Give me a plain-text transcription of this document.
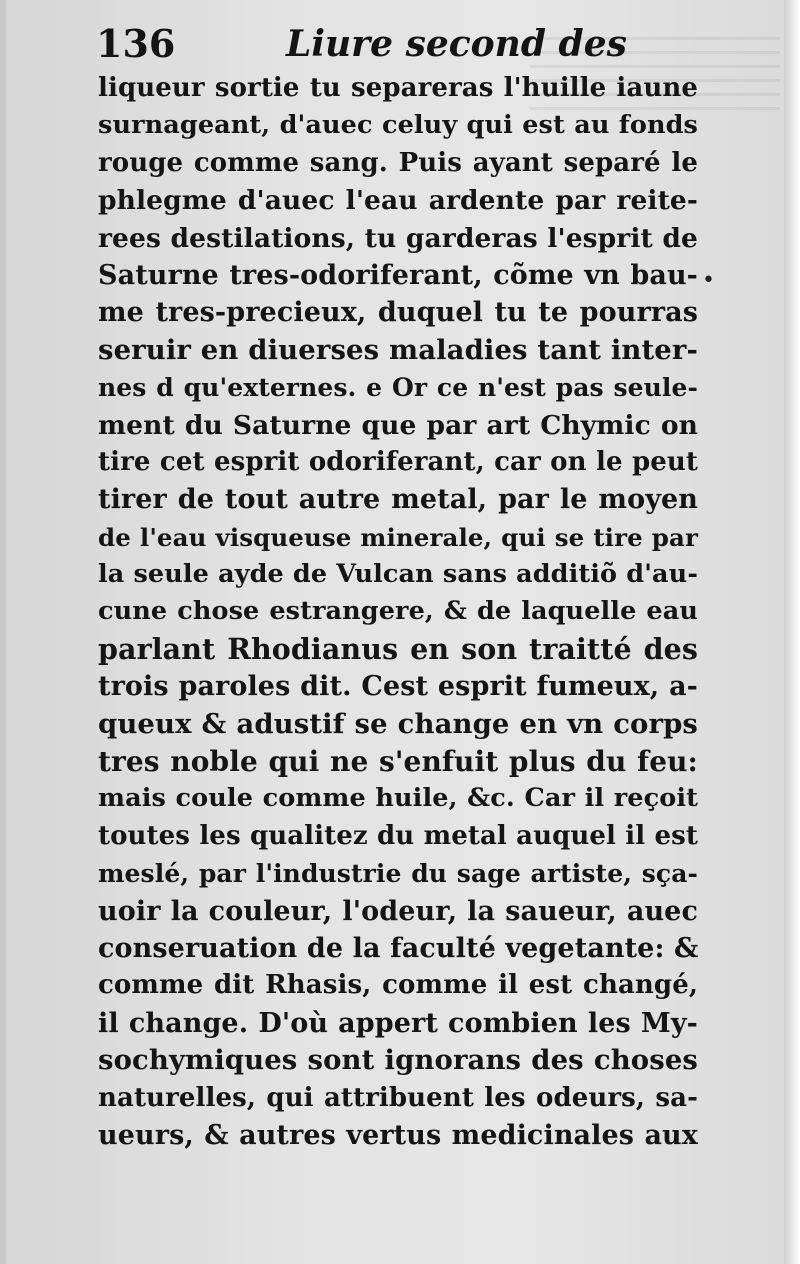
136	Liure second des
liqueur sortie tu separeras l'huille iaune
surnageant, d'auec celuy qui est au fonds
rouge comme sang. Puis ayant separé le
phlegme d'auec l'eau ardente par reite-
rees destilations, tu garderas l'esprit de
Saturne tres-odoriferant, cõme vn bau-
me tres-precieux, duquel tu te pourras
seruir en diuerses maladies tant inter-
nes d qu'externes. e Or ce n'est pas seule-
ment du Saturne que par art Chymic on
tire cet esprit odoriferant, car on le peut
tirer de tout autre metal, par le moyen
de l'eau visqueuse minerale, qui se tire par
la seule ayde de Vulcan sans additiõ d'au-
cune chose estrangere, & de laquelle eau
parlant Rhodianus en son traitté des
trois paroles dit. Cest esprit fumeux, a-
queux & adustif se change en vn corps
tres noble qui ne s'enfuit plus du feu:
mais coule comme huile, &c. Car il reçoit
toutes les qualitez du metal auquel il est
meslé, par l'industrie du sage artiste, sça-
uoir la couleur, l'odeur, la saueur, auec
conseruation de la faculté vegetante: &
comme dit Rhasis, comme il est changé,
il change. D'où appert combien les My-
sochymiques sont ignorans des choses
naturelles, qui attribuent les odeurs, sa-
ueurs, & autres vertus medicinales aux
•
